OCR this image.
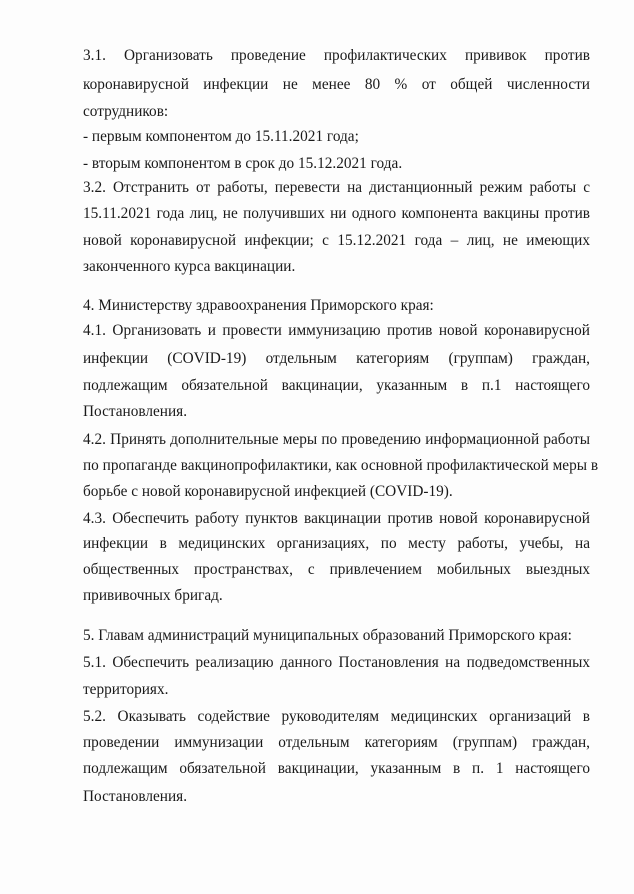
3.1. Организовать проведение профилактических прививок против
коронавирусной инфекции не менее 80 % от общей численности
сотрудников:
- первым компонентом до 15.11.2021 года;
- вторым компонентом в срок до 15.12.2021 года.
3.2. Отстранить от работы, перевести на дистанционный режим работы с
15.11.2021 года лиц, не получивших ни одного компонента вакцины против
новой коронавирусной инфекции; с 15.12.2021 года – лиц, не имеющих
законченного курса вакцинации.
4. Министерству здравоохранения Приморского края:
4.1. Организовать и провести иммунизацию против новой коронавирусной
инфекции (COVID-19) отдельным категориям (группам) граждан,
подлежащим обязательной вакцинации, указанным в п.1 настоящего
Постановления.
4.2. Принять дополнительные меры по проведению информационной работы
по пропаганде вакцинопрофилактики, как основной профилактической меры в
борьбе с новой коронавирусной инфекцией (COVID-19).
4.3. Обеспечить работу пунктов вакцинации против новой коронавирусной
инфекции в медицинских организациях, по месту работы, учебы, на
общественных пространствах, с привлечением мобильных выездных
прививочных бригад.
5. Главам администраций муниципальных образований Приморского края:
5.1. Обеспечить реализацию данного Постановления на подведомственных
территориях.
5.2. Оказывать содействие руководителям медицинских организаций в
проведении иммунизации отдельным категориям (группам) граждан,
подлежащим обязательной вакцинации, указанным в п. 1 настоящего
Постановления.
